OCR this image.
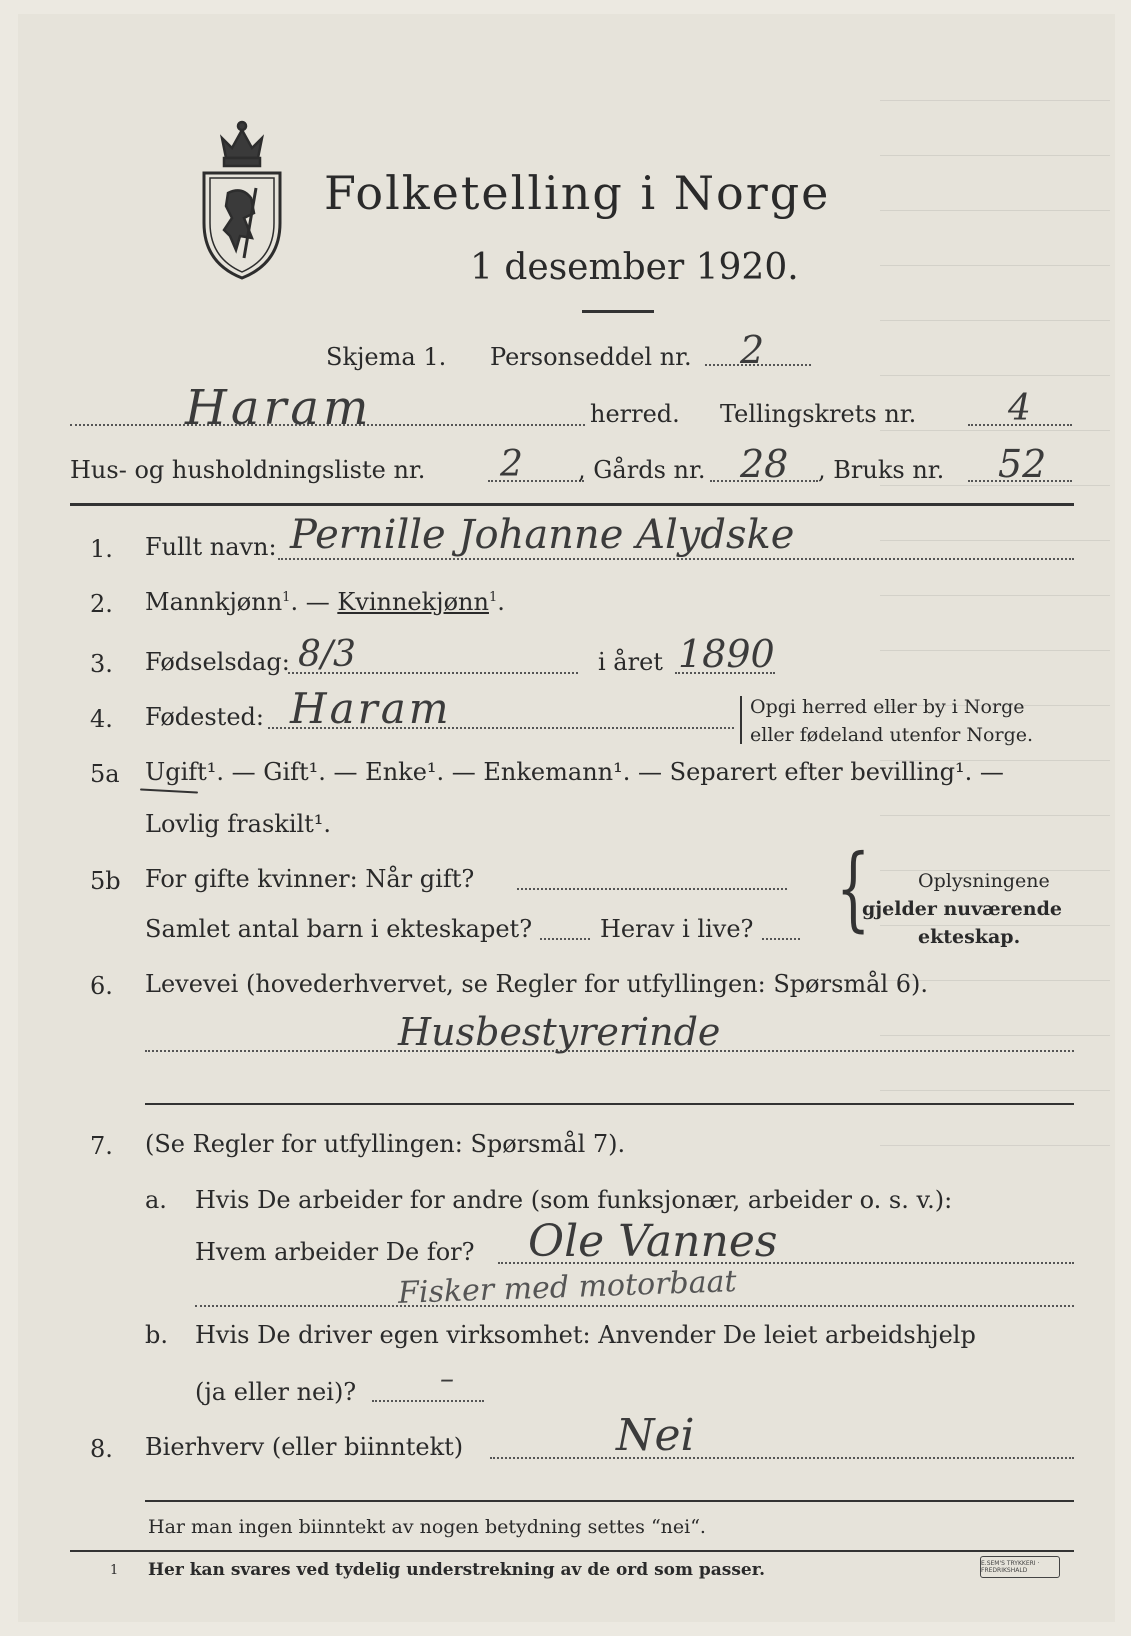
Folketelling i Norge
1 desember 1920.
Skjema 1. Personseddel nr. 2
Haram	herred. Tellingskrets nr.	4
Hus- og husholdningsliste nr. 2 , Gårds nr. 28 , Bruks nr. 52
1. Fullt navn: Pernille Johanne Alydske
2. Mannkjønn$^1$. — Kvinnekjønn$^1$.
3. Fødselsdag: 8/3	i året 1890
4. Fødested: Haram	Opgi herred eller by i Norge
eller fødeland utenfor Norge.
5a Ugift¹. — Gift¹. — Enke¹. — Enkemann¹. — Separert efter bevilling¹. —
Lovlig fraskilt¹.
5b For gifte kvinner: Når gift?
Samlet antal barn i ekteskapet?	Herav i live? {	Oplysningene
gjelder nuværende
ekteskap.
6. Levevei (hovederhvervet, se Regler for utfyllingen: Spørsmål 6).
Husbestyrerinde
7. (Se Regler for utfyllingen: Spørsmål 7).
a. Hvis De arbeider for andre (som funksjonær, arbeider o. s. v.):
Hvem arbeider De for? Ole Vannes
Fisker med motorbaat
b. Hvis De driver egen virksomhet: Anvender De leiet arbeidshjelp
(ja eller nei)?	–
8. Bierhverv (eller biinntekt)	Nei
Har man ingen biinntekt av nogen betydning settes “nei“.
1 Her kan svares ved tydelig understrekning av de ord som passer.	E.SEM'S TRYKKERI · FREDRIKSHALD
